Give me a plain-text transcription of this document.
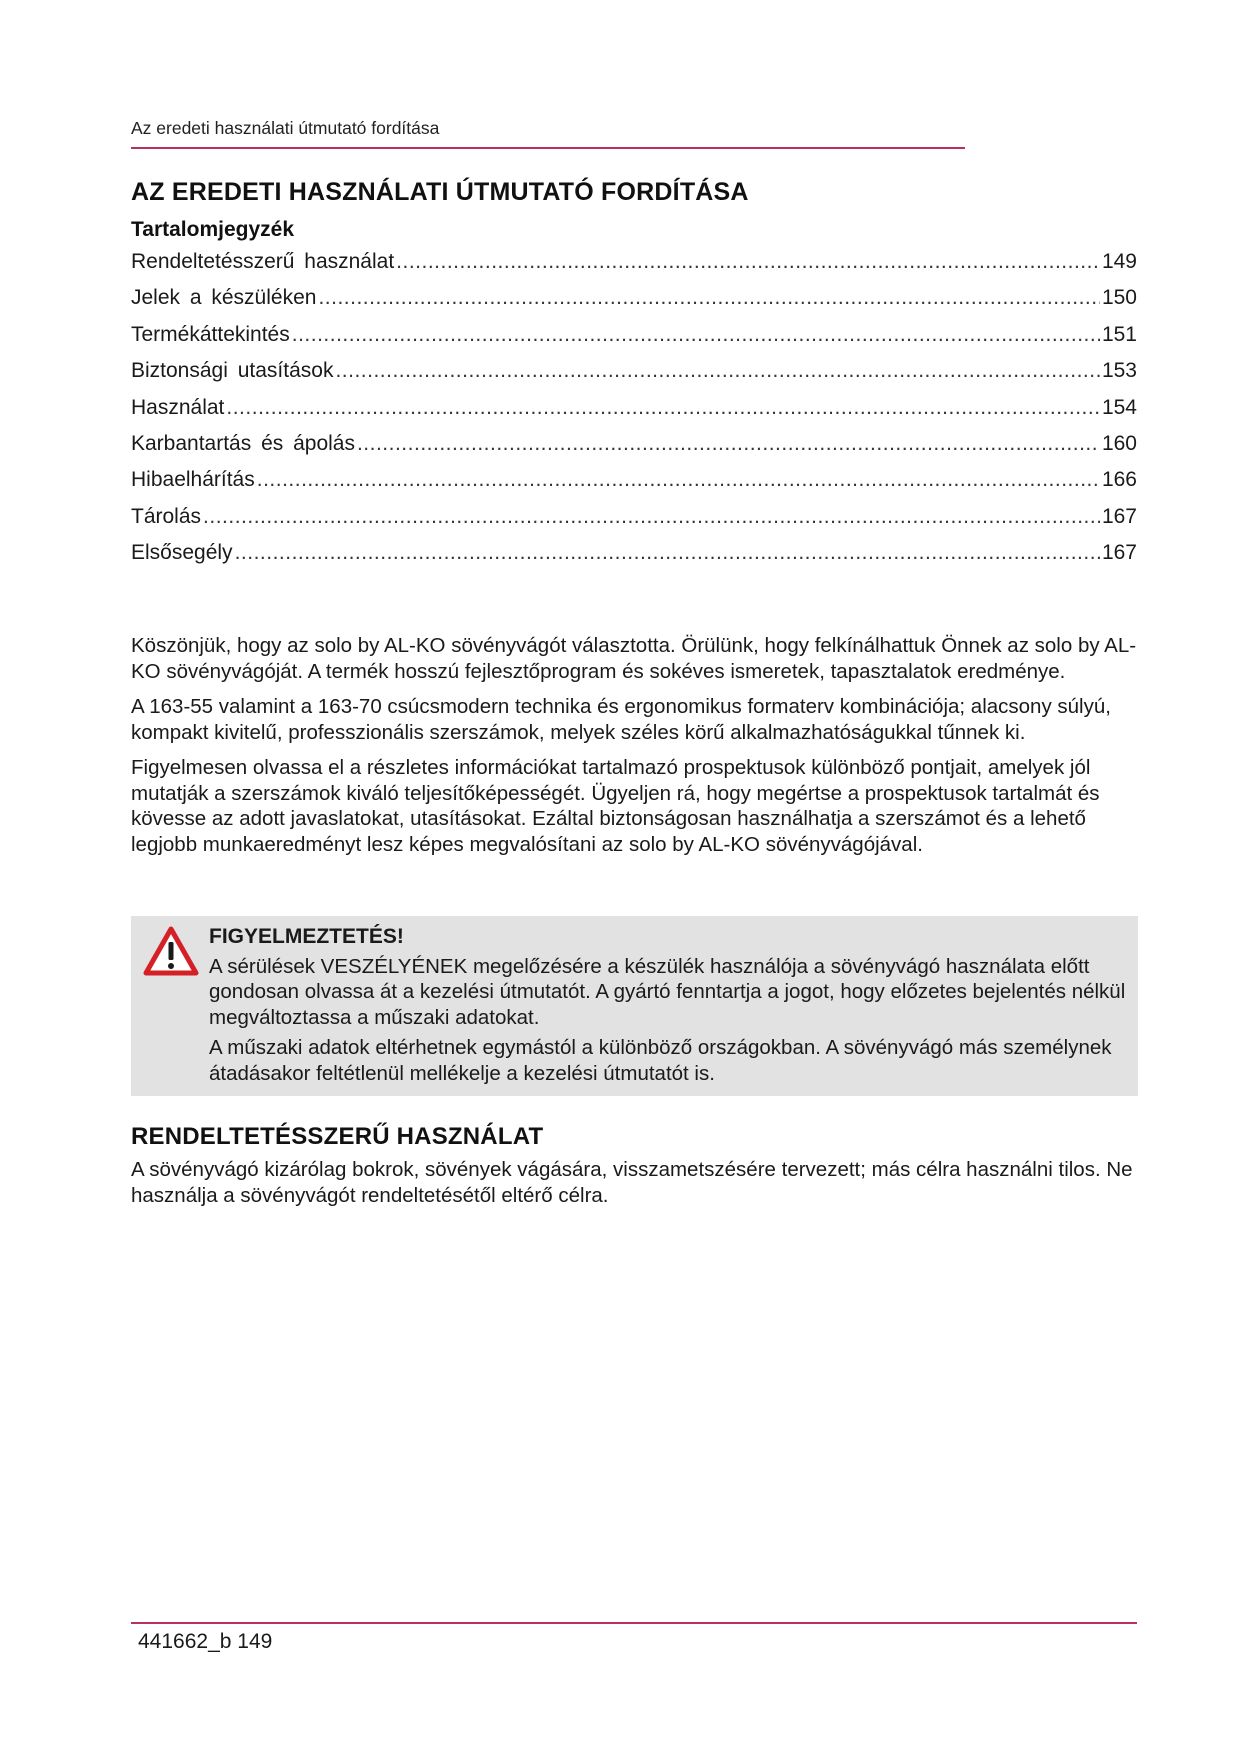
Az eredeti használati útmutató fordítása
AZ EREDETI HASZNÁLATI ÚTMUTATÓ FORDÍTÁSA
Tartalomjegyzék
Rendeltetésszerű használat .....	149
Jelek a készüléken .....	150
Termékáttekintés .....	151
Biztonsági utasítások .....	153
Használat .....	154
Karbantartás és ápolás .....	160
Hibaelhárítás .....	166
Tárolás .....	167
Elsősegély .....	167

Köszönjük, hogy az solo by AL-KO sövényvágót választotta. Örülünk, hogy felkínálhattuk Önnek az solo by AL-KO sövényvágóját. A termék hosszú fejlesztőprogram és sokéves ismeretek, tapasztalatok eredménye.

A 163-55 valamint a 163-70 csúcsmodern technika és ergonomikus formaterv kombinációja; alacsony súlyú, kompakt kivitelű, professzionális szerszámok, melyek széles körű alkalmazhatóságukkal tűnnek ki.

Figyelmesen olvassa el a részletes információkat tartalmazó prospektusok különböző pontjait, amelyek jól mutatják a szerszámok kiváló teljesítőképességét. Ügyeljen rá, hogy megértse a prospektusok tartalmát és kövesse az adott javaslatokat, utasításokat. Ezáltal biztonságosan használhatja a szerszámot és a lehető legjobb munkaeredményt lesz képes megvalósítani az solo by AL-KO sövényvágójával.

FIGYELMEZTETÉS!

A sérülések VESZÉLYÉNEK megelőzésére a készülék használója a sövényvágó használata előtt gondosan olvassa át a kezelési útmutatót. A gyártó fenntartja a jogot, hogy előzetes bejelentés nélkül megváltoztassa a műszaki adatokat.

A műszaki adatok eltérhetnek egymástól a különböző országokban. A sövényvágó más személynek átadásakor feltétlenül mellékelje a kezelési útmutatót is.

RENDELTETÉSSZERŰ HASZNÁLAT

A sövényvágó kizárólag bokrok, sövények vágására, visszametszésére tervezett; más célra használni tilos. Ne használja a sövényvágót rendeltetésétől eltérő célra.

441662_b 149
